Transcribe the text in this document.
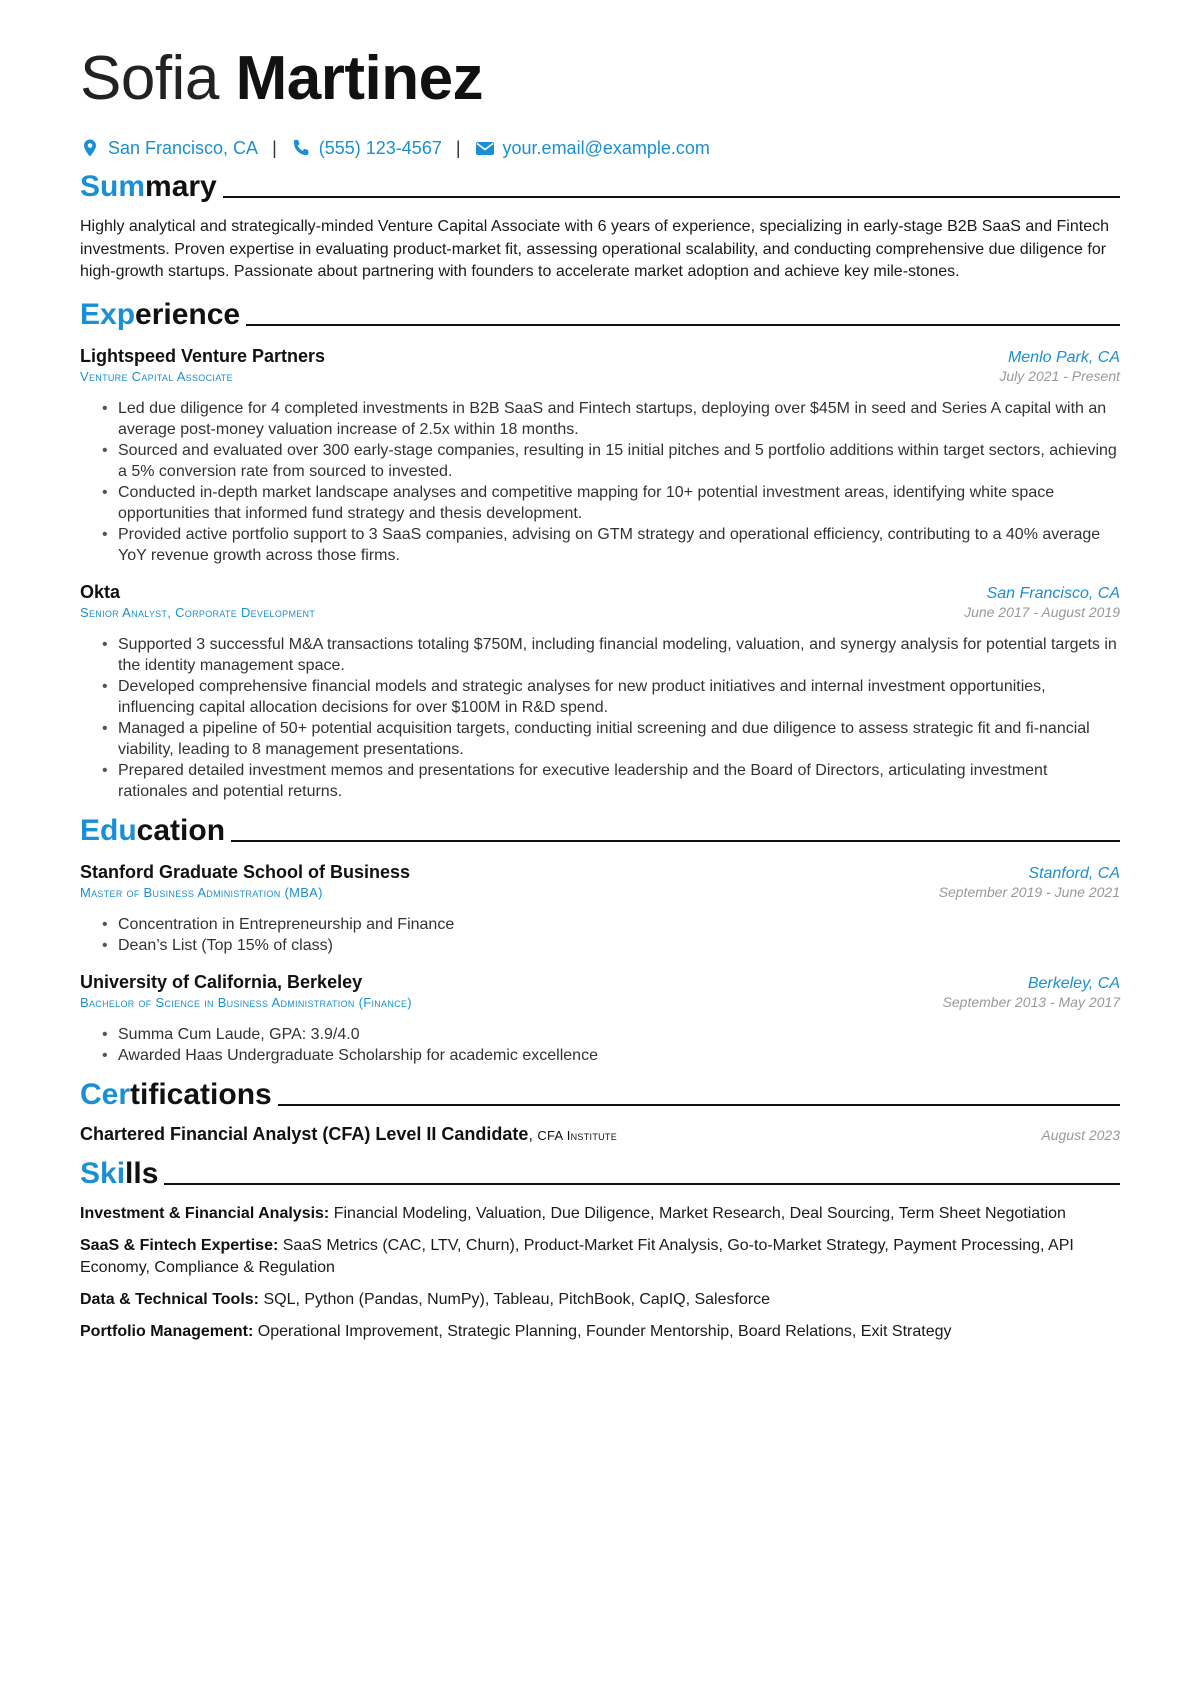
Sofia Martinez
San Francisco, CA | (555) 123-4567 | your.email@example.com
Summary

Highly analytical and strategically-minded Venture Capital Associate with 6 years of experience, specializing in early-stage B2B SaaS and Fintech investments. Proven expertise in evaluating product-market fit, assessing operational scalability, and conducting comprehensive due diligence for high-growth startups. Passionate about partnering with founders to accelerate market adoption and achieve key mile-stones.

Experience
Lightspeed Venture Partners	Menlo Park, CA
Venture Capital Associate	July 2021 - Present
• Led due diligence for 4 completed investments in B2B SaaS and Fintech startups, deploying over $45M in seed and Series A capital with an average post-money valuation increase of 2.5x within 18 months.
• Sourced and evaluated over 300 early-stage companies, resulting in 15 initial pitches and 5 portfolio additions within target sectors, achieving a 5% conversion rate from sourced to invested.
• Conducted in-depth market landscape analyses and competitive mapping for 10+ potential investment areas, identifying white space opportunities that informed fund strategy and thesis development.
• Provided active portfolio support to 3 SaaS companies, advising on GTM strategy and operational efficiency, contributing to a 40% average YoY revenue growth across those firms.
Okta	San Francisco, CA
Senior Analyst, Corporate Development	June 2017 - August 2019
• Supported 3 successful M&A transactions totaling $750M, including financial modeling, valuation, and synergy analysis for potential targets in the identity management space.
• Developed comprehensive financial models and strategic analyses for new product initiatives and internal investment opportunities, influencing capital allocation decisions for over $100M in R&D spend.
• Managed a pipeline of 50+ potential acquisition targets, conducting initial screening and due diligence to assess strategic fit and fi-nancial viability, leading to 8 management presentations.
• Prepared detailed investment memos and presentations for executive leadership and the Board of Directors, articulating investment rationales and potential returns.
Education
Stanford Graduate School of Business	Stanford, CA
Master of Business Administration (MBA)	September 2019 - June 2021
• Concentration in Entrepreneurship and Finance
• Dean’s List (Top 15% of class)
University of California, Berkeley	Berkeley, CA
Bachelor of Science in Business Administration (Finance)	September 2013 - May 2017
• Summa Cum Laude, GPA: 3.9/4.0
• Awarded Haas Undergraduate Scholarship for academic excellence
Certifications
Chartered Financial Analyst (CFA) Level II Candidate, CFA Institute	August 2023
Skills
Investment & Financial Analysis: Financial Modeling, Valuation, Due Diligence, Market Research, Deal Sourcing, Term Sheet Negotiation
SaaS & Fintech Expertise: SaaS Metrics (CAC, LTV, Churn), Product-Market Fit Analysis, Go-to-Market Strategy, Payment Processing, API Economy, Compliance & Regulation
Data & Technical Tools: SQL, Python (Pandas, NumPy), Tableau, PitchBook, CapIQ, Salesforce
Portfolio Management: Operational Improvement, Strategic Planning, Founder Mentorship, Board Relations, Exit Strategy
